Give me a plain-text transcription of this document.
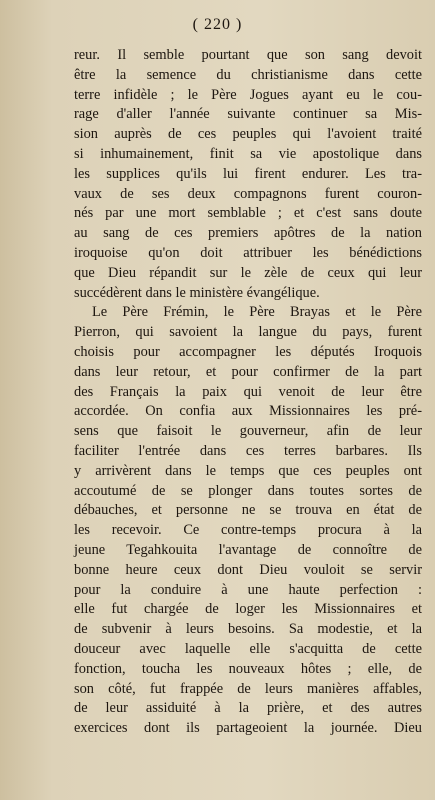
( 220 )
reur. Il semble pourtant que son sang devoit
être la semence du christianisme dans cette
terre infidèle ; le Père Jogues ayant eu le cou-
rage d'aller l'année suivante continuer sa Mis-
sion auprès de ces peuples qui l'avoient traité
si inhumainement, finit sa vie apostolique dans
les supplices qu'ils lui firent endurer. Les tra-
vaux de ses deux compagnons furent couron-
nés par une mort semblable ; et c'est sans doute
au sang de ces premiers apôtres de la nation
iroquoise qu'on doit attribuer les bénédictions
que Dieu répandit sur le zèle de ceux qui leur
succédèrent dans le ministère évangélique.
Le Père Frémin, le Père Brayas et le Père
Pierron, qui savoient la langue du pays, furent
choisis pour accompagner les députés Iroquois
dans leur retour, et pour confirmer de la part
des Français la paix qui venoit de leur être
accordée. On confia aux Missionnaires les pré-
sens que faisoit le gouverneur, afin de leur
faciliter l'entrée dans ces terres barbares. Ils
y arrivèrent dans le temps que ces peuples ont
accoutumé de se plonger dans toutes sortes de
débauches, et personne ne se trouva en état de
les recevoir. Ce contre-temps procura à la
jeune Tegahkouita l'avantage de connoître de
bonne heure ceux dont Dieu vouloit se servir
pour la conduire à une haute perfection :
elle fut chargée de loger les Missionnaires et
de subvenir à leurs besoins. Sa modestie, et la
douceur avec laquelle elle s'acquitta de cette
fonction, toucha les nouveaux hôtes ; elle, de
son côté, fut frappée de leurs manières affables,
de leur assiduité à la prière, et des autres
exercices dont ils partageoient la journée. Dieu
